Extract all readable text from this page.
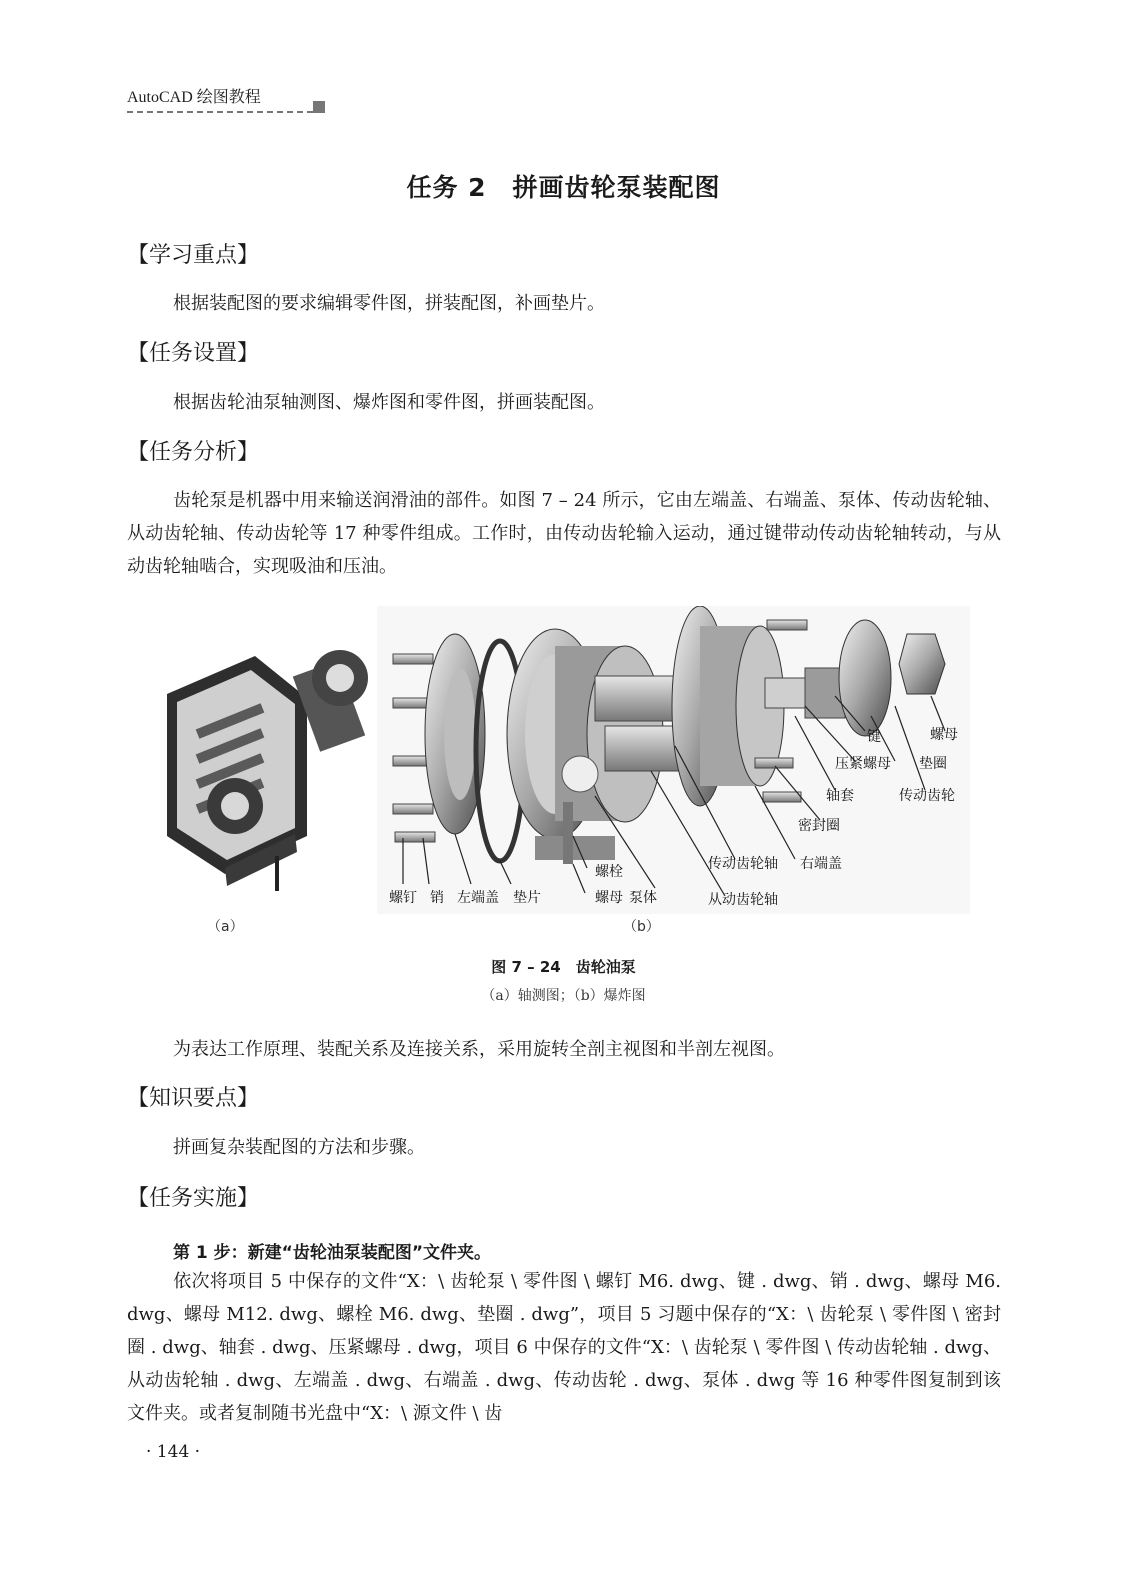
AutoCAD 绘图教程
任务 2　拼画齿轮泵装配图
【学习重点】

根据装配图的要求编辑零件图，拼装配图，补画垫片。

【任务设置】

根据齿轮油泵轴测图、爆炸图和零件图，拼画装配图。

【任务分析】

齿轮泵是机器中用来输送润滑油的部件。如图 7 – 24 所示，它由左端盖、右端盖、泵体、传动齿轮轴、从动齿轮轴、传动齿轮等 17 种零件组成。工作时，由传动齿轮输入运动，通过键带动传动齿轮轴转动，与从动齿轮轴啮合，实现吸油和压油。

（a）
螺钉 销 左端盖 垫片
螺栓
螺母 泵体	从动齿轮轴
传动齿轮轴 右端盖
密封圈
轴套
压紧螺母
键	螺母
垫圈
传动齿轮
（b）
图 7 – 24　齿轮油泵
（a）轴测图；（b）爆炸图

为表达工作原理、装配关系及连接关系，采用旋转全剖主视图和半剖左视图。

【知识要点】

拼画复杂装配图的方法和步骤。

【任务实施】
第 1 步：新建“齿轮油泵装配图”文件夹。

依次将项目 5 中保存的文件“X：\ 齿轮泵 \ 零件图 \ 螺钉 M6. dwg、键 . dwg、销 . dwg、螺母 M6. dwg、螺母 M12. dwg、螺栓 M6. dwg、垫圈 . dwg”，项目 5 习题中保存的“X：\ 齿轮泵 \ 零件图 \ 密封圈 . dwg、轴套 . dwg、压紧螺母 . dwg，项目 6 中保存的文件“X：\ 齿轮泵 \ 零件图 \ 传动齿轮轴 . dwg、从动齿轮轴 . dwg、左端盖 . dwg、右端盖 . dwg、传动齿轮 . dwg、泵体 . dwg 等 16 种零件图复制到该文件夹。或者复制随书光盘中“X：\ 源文件 \ 齿

· 144 ·
